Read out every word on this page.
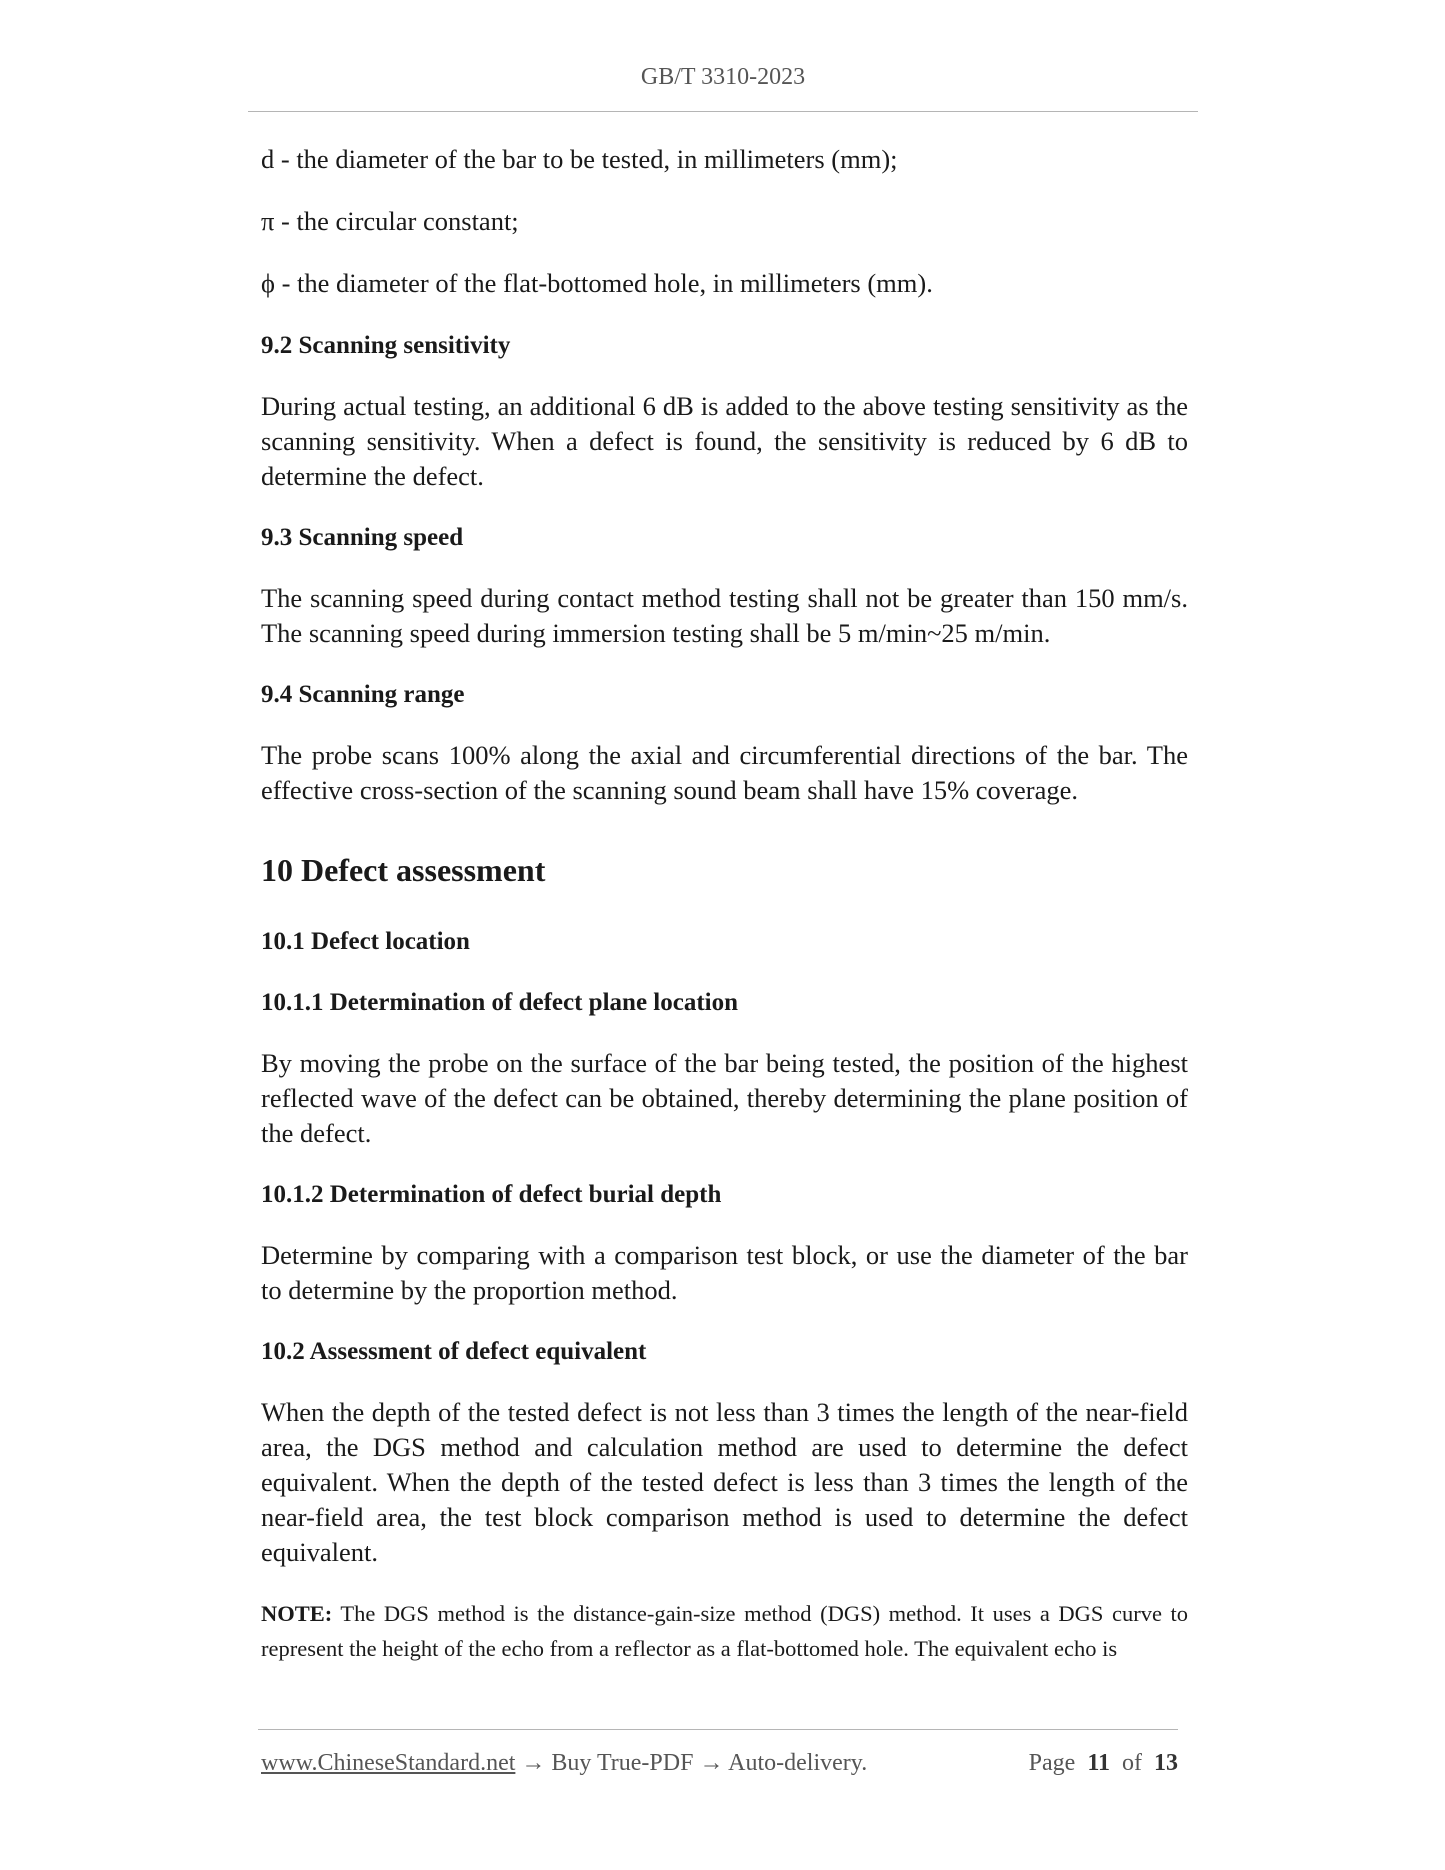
GB/T 3310-2023

d - the diameter of the bar to be tested, in millimeters (mm);

π - the circular constant;

ϕ - the diameter of the flat-bottomed hole, in millimeters (mm).

9.2 Scanning sensitivity

During actual testing, an additional 6 dB is added to the above testing sensitivity as the scanning sensitivity. When a defect is found, the sensitivity is reduced by 6 dB to determine the defect.

9.3 Scanning speed

The scanning speed during contact method testing shall not be greater than 150 mm/s. The scanning speed during immersion testing shall be 5 m/min~25 m/min.

9.4 Scanning range

The probe scans 100% along the axial and circumferential directions of the bar. The effective cross-section of the scanning sound beam shall have 15% coverage.

10 Defect assessment

10.1 Defect location

10.1.1 Determination of defect plane location

By moving the probe on the surface of the bar being tested, the position of the highest reflected wave of the defect can be obtained, thereby determining the plane position of the defect.

10.1.2 Determination of defect burial depth

Determine by comparing with a comparison test block, or use the diameter of the bar to determine by the proportion method.

10.2 Assessment of defect equivalent

When the depth of the tested defect is not less than 3 times the length of the near-field area, the DGS method and calculation method are used to determine the defect equivalent. When the depth of the tested defect is less than 3 times the length of the near-field area, the test block comparison method is used to determine the defect equivalent.

NOTE: The DGS method is the distance-gain-size method (DGS) method. It uses a DGS curve to represent the height of the echo from a reflector as a flat-bottomed hole. The equivalent echo is

www.ChineseStandard.net → Buy True-PDF → Auto-delivery.	Page 11 of 13
